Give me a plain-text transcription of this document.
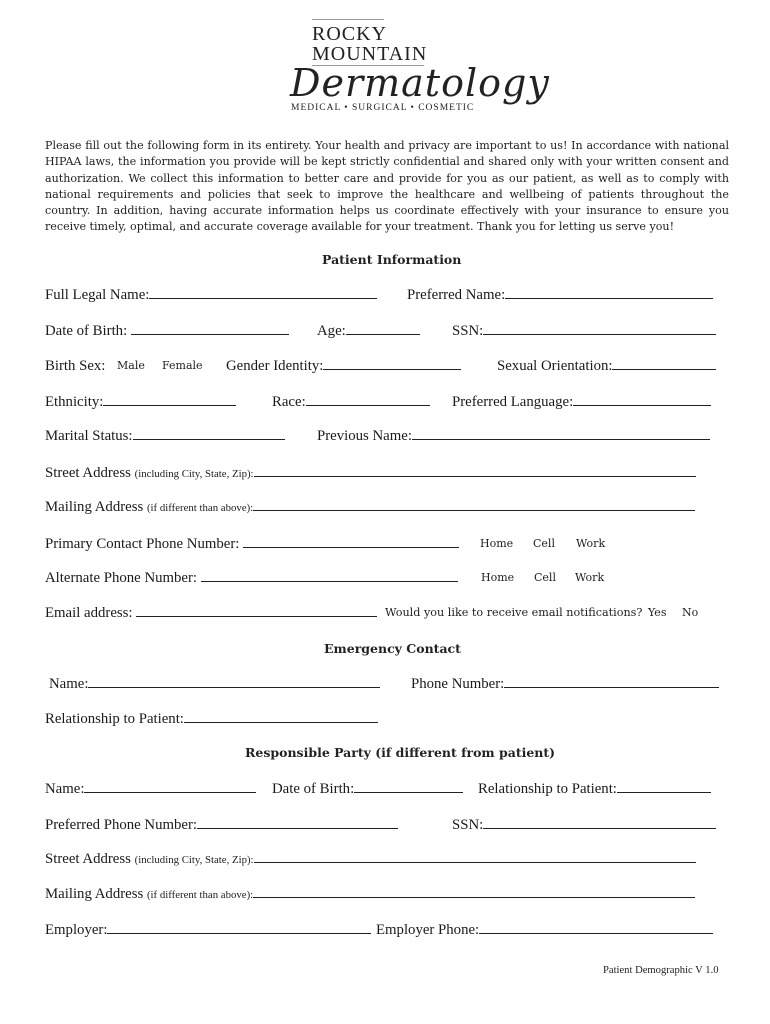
ROCKY
MOUNTAIN
Dermatology
MEDICAL • SURGICAL • COSMETIC
Please fill out the following form in its entirety. Your health and privacy are important to us! In accordance with national HIPAA laws, the information you provide will be kept strictly confidential and shared only with your written consent and authorization. We collect this information to better care and provide for you as our patient, as well as to comply with national requirements and policies that seek to improve the healthcare and wellbeing of patients throughout the country. In addition, having accurate information helps us coordinate effectively with your insurance to ensure you receive timely, optimal, and accurate coverage available for your treatment. Thank you for letting us serve you!
Patient Information
Full Legal Name:	Preferred Name:
Date of Birth:	Age:	SSN:
Birth Sex: Male Female Gender Identity:	Sexual Orientation:
Ethnicity:	Race:	Preferred Language:
Marital Status:	Previous Name:
Street Address (including City, State, Zip):
Mailing Address (if different than above):
Primary Contact Phone Number:	Home Cell Work
Alternate Phone Number:	Home Cell Work
Email address:	Would you like to receive email notifications? Yes No
Emergency Contact
Name:	Phone Number:
Relationship to Patient:
Responsible Party (if different from patient)
Name:	Date of Birth:	Relationship to Patient:
Preferred Phone Number:	SSN:
Street Address (including City, State, Zip):
Mailing Address (if different than above):
Employer:	Employer Phone:
Patient Demographic V 1.0
